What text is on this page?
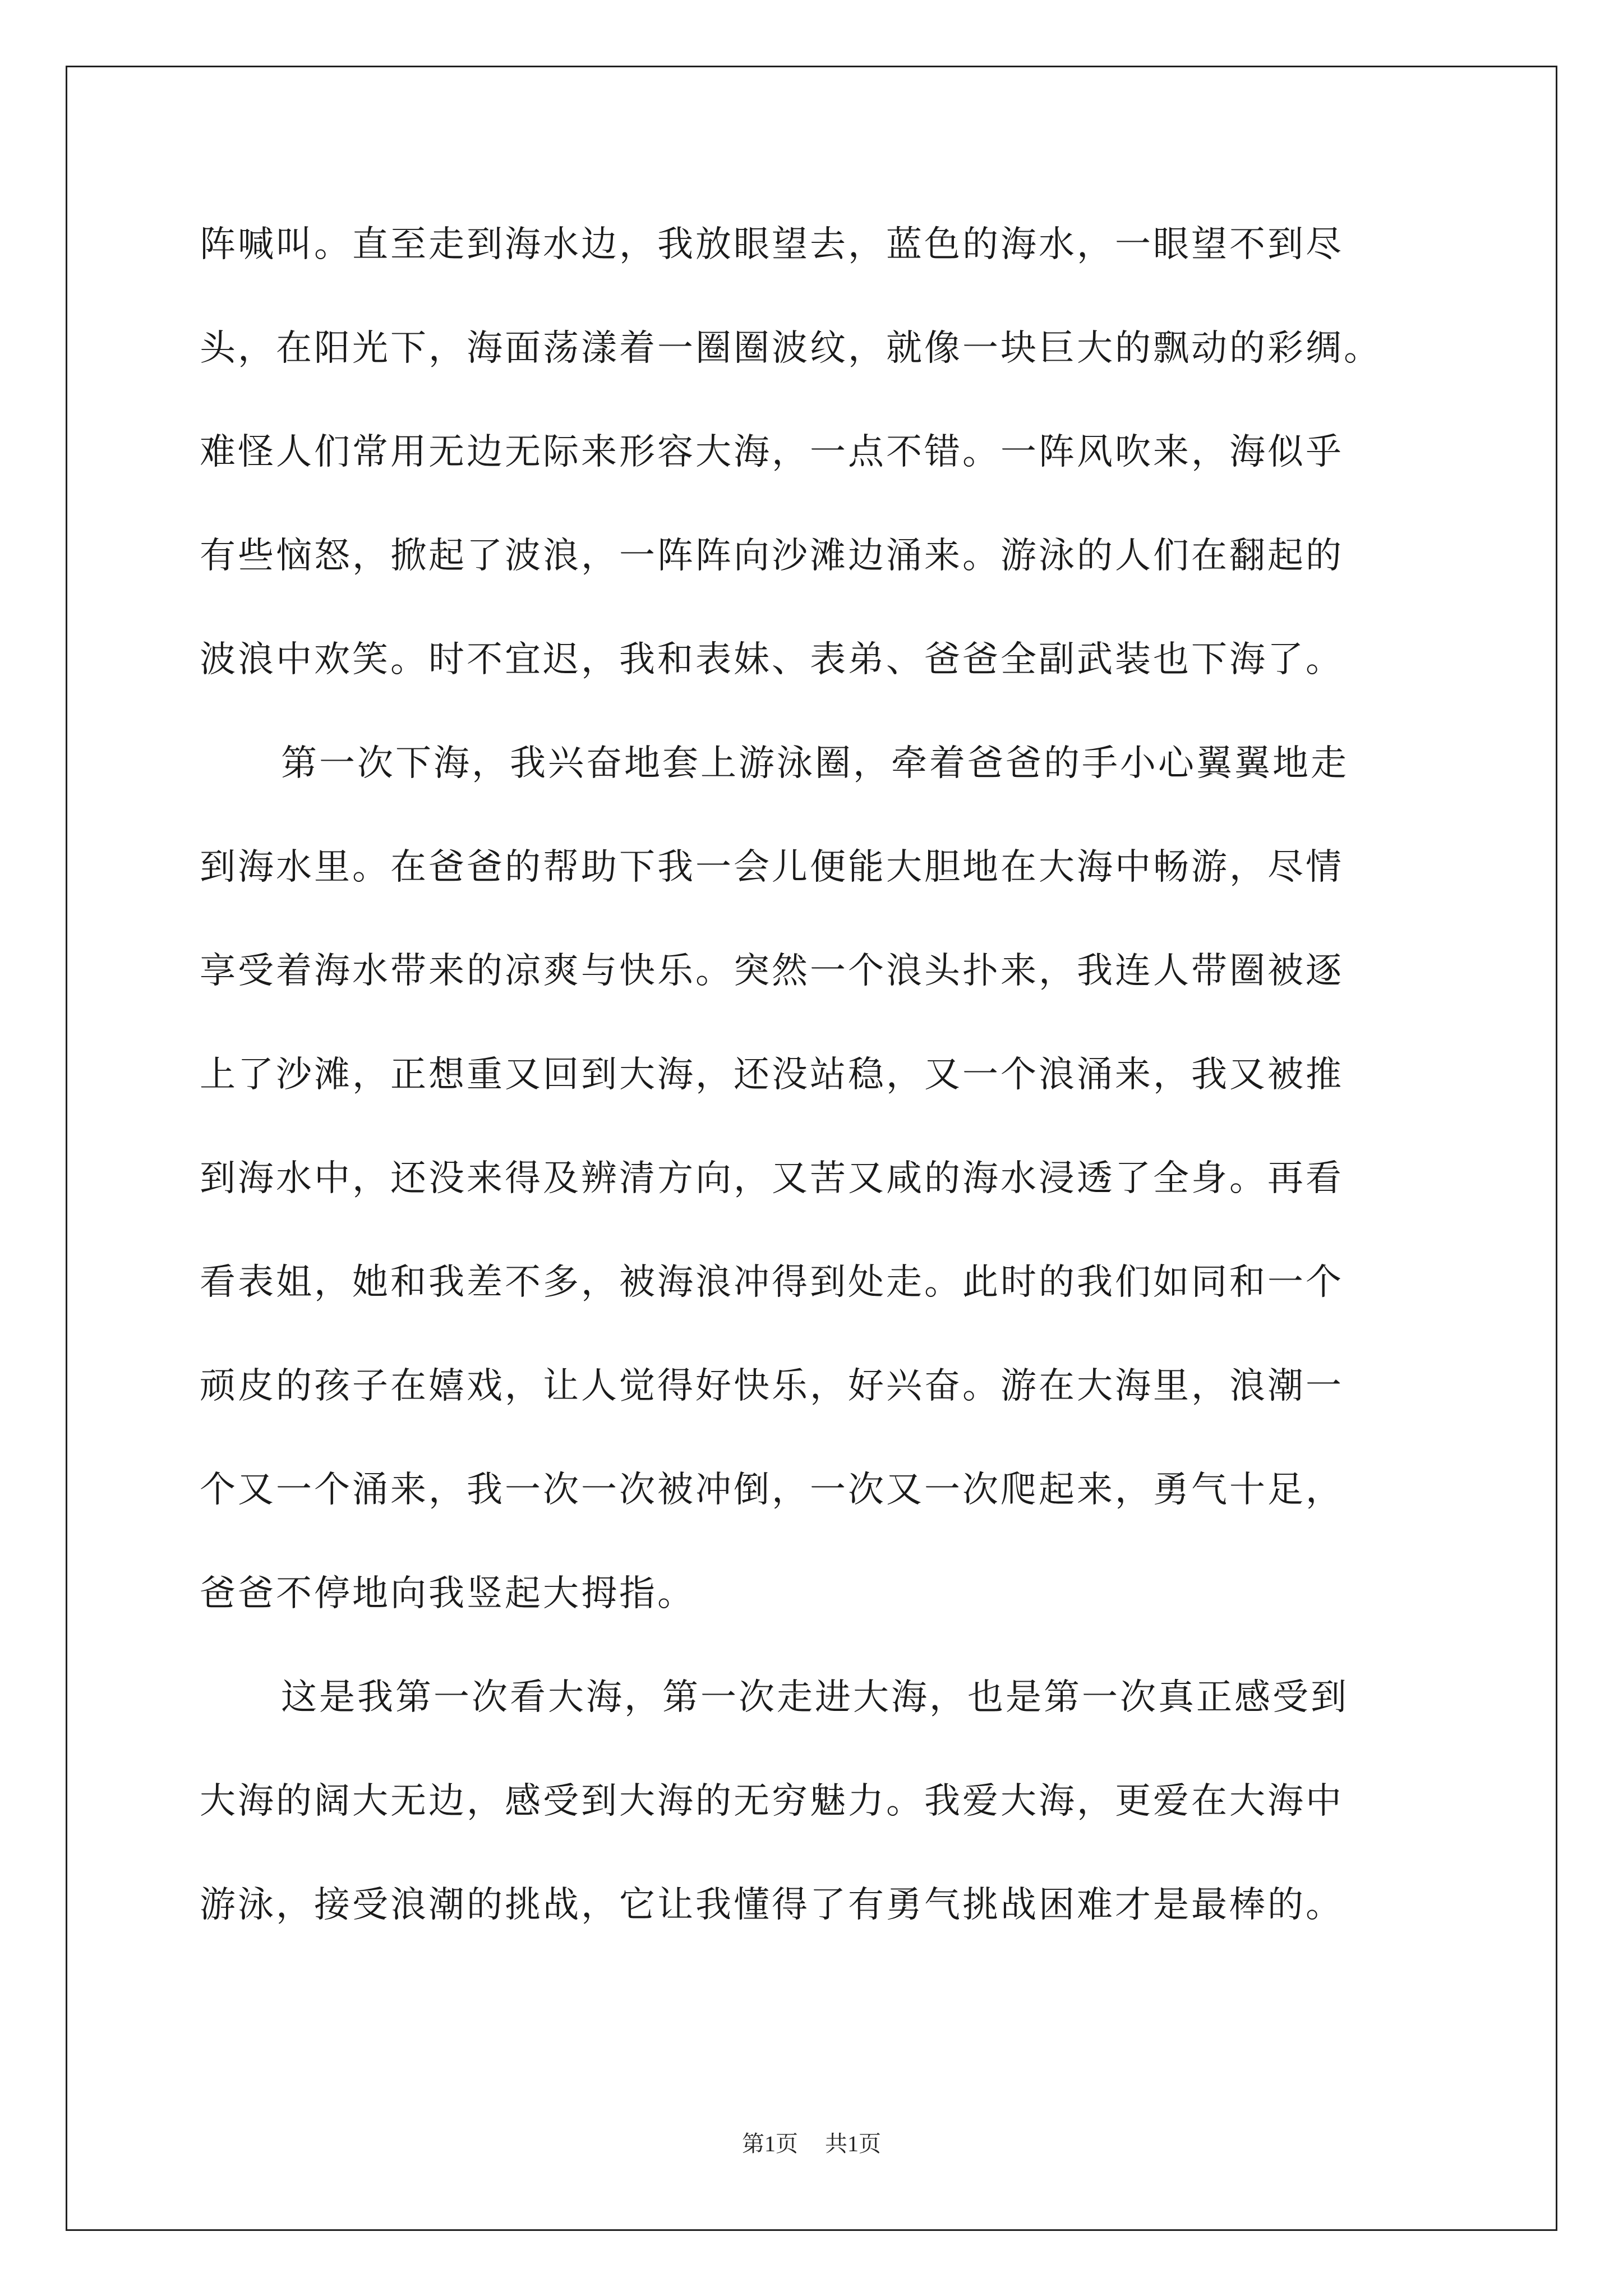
阵喊叫。直至走到海水边，我放眼望去，蓝色的海水，一眼望不到尽
头，在阳光下，海面荡漾着一圈圈波纹，就像一块巨大的飘动的彩绸。
难怪人们常用无边无际来形容大海，一点不错。一阵风吹来，海似乎
有些恼怒，掀起了波浪，一阵阵向沙滩边涌来。游泳的人们在翻起的
波浪中欢笑。时不宜迟，我和表妹、表弟、爸爸全副武装也下海了。
第一次下海，我兴奋地套上游泳圈，牵着爸爸的手小心翼翼地走
到海水里。在爸爸的帮助下我一会儿便能大胆地在大海中畅游，尽情
享受着海水带来的凉爽与快乐。突然一个浪头扑来，我连人带圈被逐
上了沙滩，正想重又回到大海，还没站稳，又一个浪涌来，我又被推
到海水中，还没来得及辨清方向，又苦又咸的海水浸透了全身。再看
看表姐，她和我差不多，被海浪冲得到处走。此时的我们如同和一个
顽皮的孩子在嬉戏，让人觉得好快乐，好兴奋。游在大海里，浪潮一
个又一个涌来，我一次一次被冲倒，一次又一次爬起来，勇气十足，
爸爸不停地向我竖起大拇指。
这是我第一次看大海，第一次走进大海，也是第一次真正感受到
大海的阔大无边，感受到大海的无穷魅力。我爱大海，更爱在大海中
游泳，接受浪潮的挑战，它让我懂得了有勇气挑战困难才是最棒的。
第1页 共1页
